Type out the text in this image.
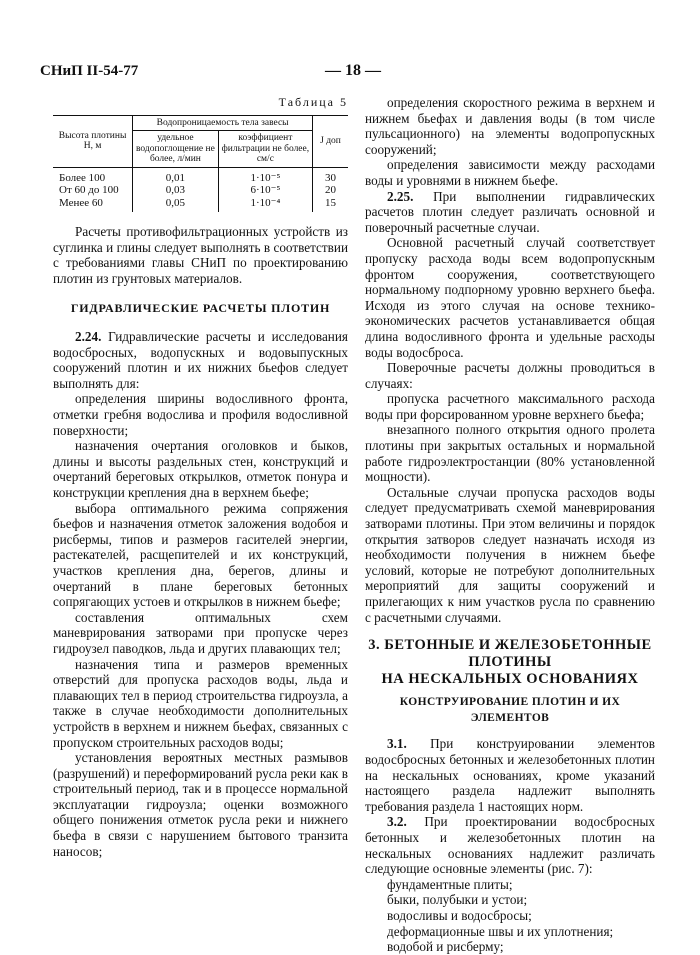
СНиП II-54-77	— 18 —
Таблица 5
Высота плотины Н, м	Водопроницаемость тела завесы		J доп
	удельное водопоглощение не более, л/мин	коэффициент фильтрации не более, см/с	
Более 100	0,01	1·10⁻⁵	30
От 60 до 100	0,03	6·10⁻⁵	20
Менее 60	0,05	1·10⁻⁴	15

Расчеты противофильтрационных устройств из суглинка и глины следует выполнять в соответствии с требованиями главы СНиП по проектированию плотин из грунтовых материалов.

ГИДРАВЛИЧЕСКИЕ РАСЧЕТЫ ПЛОТИН

2.24. Гидравлические расчеты и исследования водосбросных, водопускных и водовыпускных сооружений плотин и их нижних бьефов следует выполнять для:

определения ширины водосливного фронта, отметки гребня водослива и профиля водосливной поверхности;

назначения очертания оголовков и быков, длины и высоты раздельных стен, конструкций и очертаний береговых открылков, отметок понура и конструкции крепления дна в верхнем бьефе;

выбора оптимального режима сопряжения бьефов и назначения отметок заложения водобоя и рисбермы, типов и размеров гасителей энергии, растекателей, расщепителей и их конструкций, участков крепления дна, берегов, длины и очертаний в плане береговых бетонных сопрягающих устоев и открылков в нижнем бьефе;

составления оптимальных схем маневрирования затворами при пропуске через гидроузел паводков, льда и других плавающих тел;

назначения типа и размеров временных отверстий для пропуска расходов воды, льда и плавающих тел в период строительства гидроузла, а также в случае необходимости дополнительных устройств в верхнем и нижнем бьефах, связанных с пропуском строительных расходов воды;

установления вероятных местных размывов (разрушений) и переформирований русла реки как в строительный период, так и в процессе нормальной эксплуатации гидроузла; оценки возможного общего понижения отметок русла реки и нижнего бьефа в связи с нарушением бытового транзита наносов;

определения скоростного режима в верхнем и нижнем бьефах и давления воды (в том числе пульсационного) на элементы водопропускных сооружений;

определения зависимости между расходами воды и уровнями в нижнем бьефе.

2.25. При выполнении гидравлических расчетов плотин следует различать основной и поверочный расчетные случаи.

Основной расчетный случай соответствует пропуску расхода воды всем водопропускным фронтом сооружения, соответствующего нормальному подпорному уровню верхнего бьефа. Исходя из этого случая на основе технико-экономических расчетов устанавливается общая длина водосливного фронта и удельные расходы воды водосброса.

Поверочные расчеты должны проводиться в случаях:

пропуска расчетного максимального расхода воды при форсированном уровне верхнего бьефа;

внезапного полного открытия одного пролета плотины при закрытых остальных и нормальной работе гидроэлектростанции (80% установленной мощности).

Остальные случаи пропуска расходов воды следует предусматривать схемой маневрирования затворами плотины. При этом величины и порядок открытия затворов следует назначать исходя из необходимости получения в нижнем бьефе условий, которые не потребуют дополнительных мероприятий для защиты сооружений и прилегающих к ним участков русла по сравнению с расчетными случаями.

3. БЕТОННЫЕ И ЖЕЛЕЗОБЕТОННЫЕ ПЛОТИНЫ
НА НЕСКАЛЬНЫХ ОСНОВАНИЯХ
КОНСТРУИРОВАНИЕ ПЛОТИН И ИХ ЭЛЕМЕНТОВ

3.1. При конструировании элементов водосбросных бетонных и железобетонных плотин на нескальных основаниях, кроме указаний настоящего раздела надлежит выполнять требования раздела 1 настоящих норм.

3.2. При проектировании водосбросных бетонных и железобетонных плотин на нескальных основаниях надлежит различать следующие основные элементы (рис. 7):

фундаментные плиты;

быки, полубыки и устои;

водосливы и водосбросы;

деформационные швы и их уплотнения;

водобой и рисберму;
